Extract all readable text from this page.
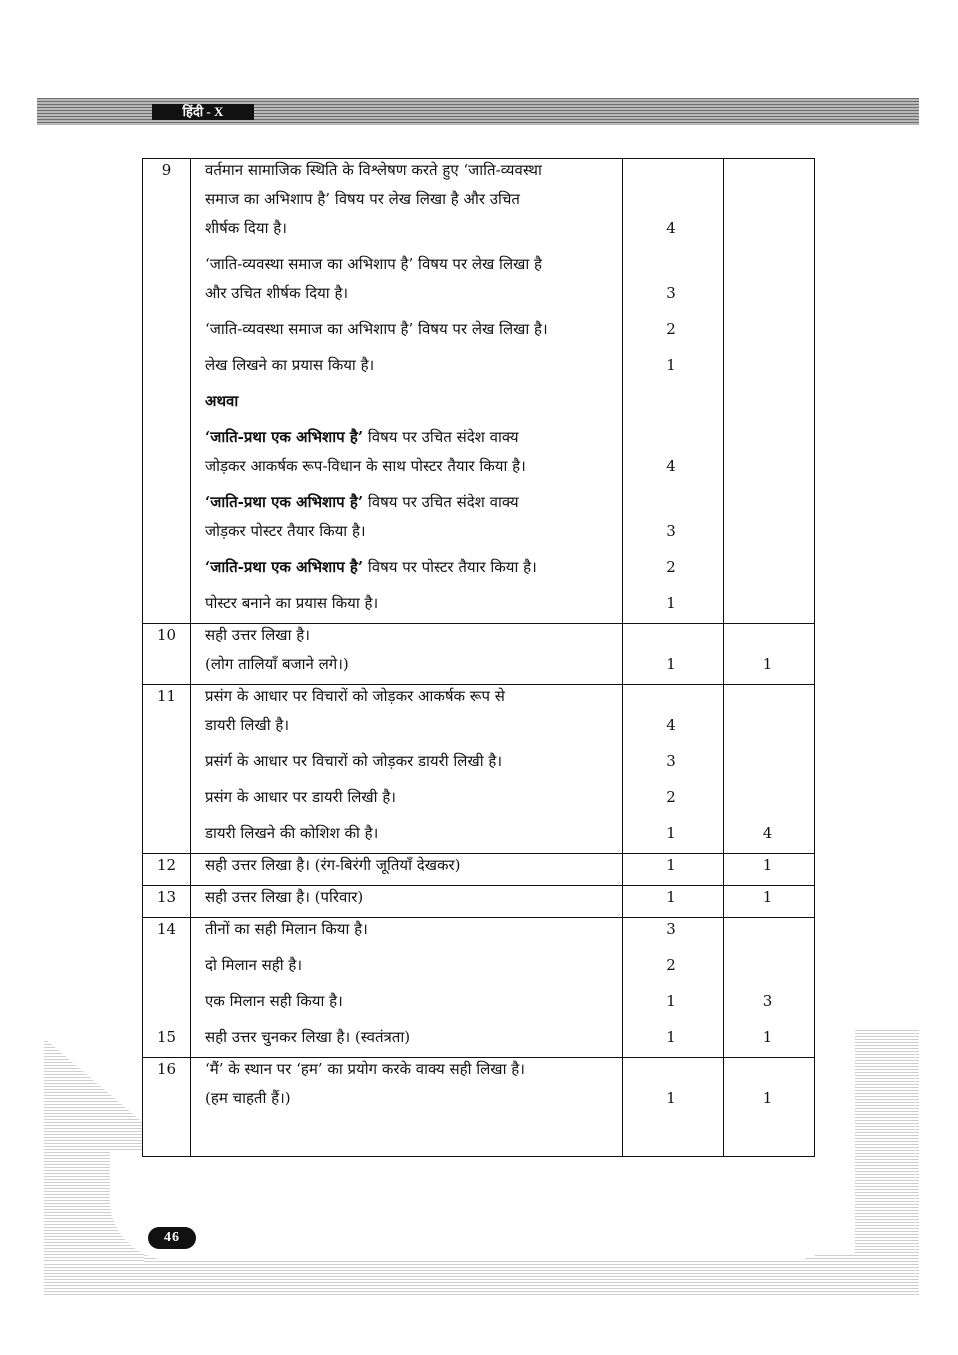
हिंदी - X
9	वर्तमान सामाजिक स्थिति के विश्लेषण करते हुए ‘जाति-व्यवस्था
समाज का अभिशाप है’ विषय पर लेख लिखा है और उचित
शीर्षक दिया है।	4
‘जाति-व्यवस्था समाज का अभिशाप है’ विषय पर लेख लिखा है
और उचित शीर्षक दिया है।	3
‘जाति-व्यवस्था समाज का अभिशाप है’ विषय पर लेख लिखा है।	2
लेख लिखने का प्रयास किया है।	1
अथवा
‘जाति-प्रथा एक अभिशाप है’ विषय पर उचित संदेश वाक्य
जोड़कर आकर्षक रूप-विधान के साथ पोस्टर तैयार किया है।	4
‘जाति-प्रथा एक अभिशाप है’ विषय पर उचित संदेश वाक्य
जोड़कर पोस्टर तैयार किया है।	3
‘जाति-प्रथा एक अभिशाप है’ विषय पर पोस्टर तैयार किया है।	2
पोस्टर बनाने का प्रयास किया है।	1
10	सही उत्तर लिखा है।
(लोग तालियाँ बजाने लगे।)	1	1
11	प्रसंग के आधार पर विचारों को जोड़कर आकर्षक रूप से
डायरी लिखी है।	4
प्रसंर्ग के आधार पर विचारों को जोड़कर डायरी लिखी है।	3
प्रसंग के आधार पर डायरी लिखी है।	2
डायरी लिखने की कोशिश की है।	1	4
12	सही उत्तर लिखा है। (रंग-बिरंगी जूतियाँ देखकर)	1	1
13	सही उत्तर लिखा है। (परिवार)	1	1
14	तीनों का सही मिलान किया है।	3
दो मिलान सही है।	2
एक मिलान सही किया है।	1	3
15	सही उत्तर चुनकर लिखा है। (स्वतंत्रता)	1	1
16	‘मैं’ के स्थान पर ‘हम’ का प्रयोग करके वाक्य सही लिखा है।
(हम चाहती हैं।)	1	1
46
